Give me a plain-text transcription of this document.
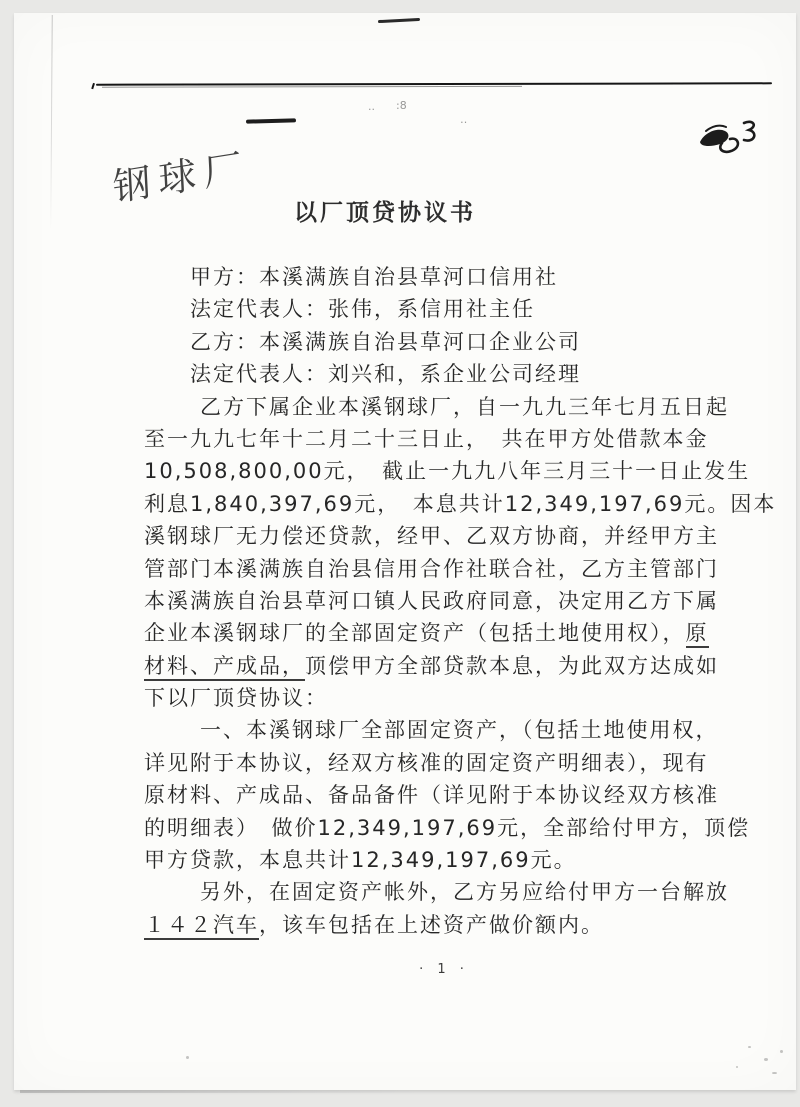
·· :8
‥
钢球厂
以厂顶贷协议书
甲方：本溪满族自治县草河口信用社
法定代表人：张伟，系信用社主任
乙方：本溪满族自治县草河口企业公司
法定代表人：刘兴和，系企业公司经理
乙方下属企业本溪钢球厂，自一九九三年七月五日起
至一九九七年十二月二十三日止，　共在甲方处借款本金
10,508,800,00元，　截止一九九八年三月三十一日止发生
利息1,840,397,69元，　本息共计12,349,197,69元。因本
溪钢球厂无力偿还贷款，经甲、乙双方协商，并经甲方主
管部门本溪满族自治县信用合作社联合社，乙方主管部门
本溪满族自治县草河口镇人民政府同意，决定用乙方下属
企业本溪钢球厂的全部固定资产（包括土地使用权），原
材料、产成品，顶偿甲方全部贷款本息，为此双方达成如
下以厂顶贷协议：
一、本溪钢球厂全部固定资产，（包括土地使用权，
详见附于本协议，经双方核准的固定资产明细表），现有
原材料、产成品、备品备件（详见附于本协议经双方核准
的明细表）　做价12,349,197,69元，全部给付甲方，顶偿
甲方贷款，本息共计12,349,197,69元。
另外，在固定资产帐外，乙方另应给付甲方一台解放
１４２汽车，该车包括在上述资产做价额内。
· 1 ·
